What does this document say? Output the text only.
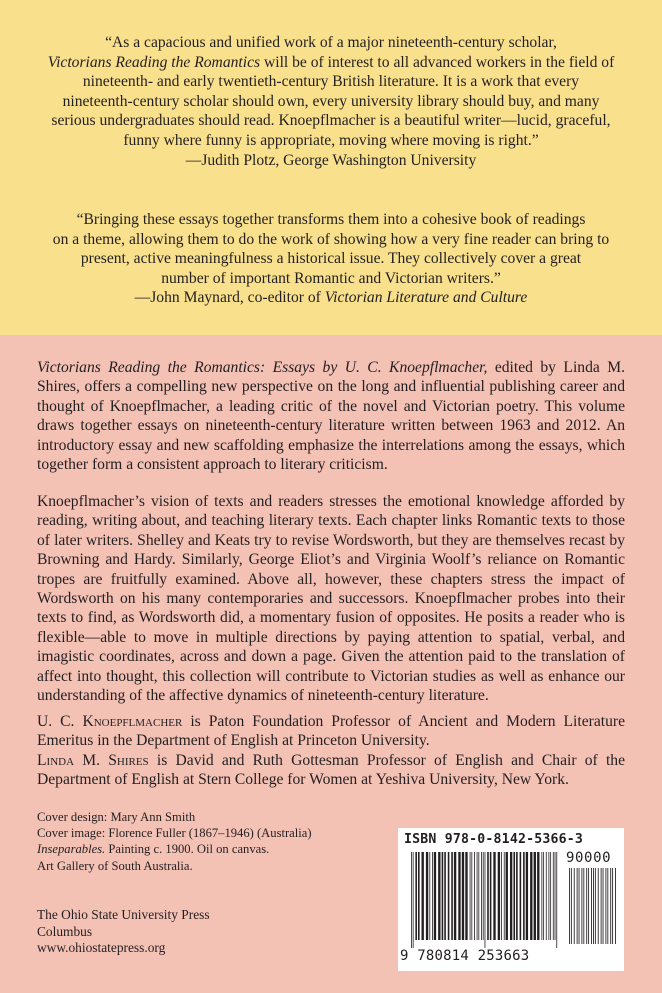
“As a capacious and unified work of a major nineteenth-century scholar,

Victorians Reading the Romantics will be of interest to all advanced workers in the field of

nineteenth- and early twentieth-century British literature. It is a work that every

nineteenth-century scholar should own, every university library should buy, and many

serious undergraduates should read. Knoepflmacher is a beautiful writer—lucid, graceful,

funny where funny is appropriate, moving where moving is right.”

—Judith Plotz, George Washington University

“Bringing these essays together transforms them into a cohesive book of readings

on a theme, allowing them to do the work of showing how a very fine reader can bring to

present, active meaningfulness a historical issue. They collectively cover a great

number of important Romantic and Victorian writers.”

—John Maynard, co-editor of Victorian Literature and Culture

Victorians Reading the Romantics: Essays by U. C. Knoepflmacher, edited by Linda M. Shires, offers a compelling new perspective on the long and influential publishing career and thought of Knoepflmacher, a leading critic of the novel and Victorian poetry. This volume draws together essays on nineteenth-century literature written between 1963 and 2012. An introductory essay and new scaffolding emphasize the interrelations among the essays, which together form a consistent approach to literary criticism.

Knoepflmacher’s vision of texts and readers stresses the emotional knowledge afforded by reading, writing about, and teaching literary texts. Each chapter links Romantic texts to those of later writers. Shelley and Keats try to revise Wordsworth, but they are themselves recast by Browning and Hardy. Similarly, George Eliot’s and Virginia Woolf’s reliance on Romantic tropes are fruitfully examined. Above all, however, these chapters stress the impact of Wordsworth on his many contemporaries and successors. Knoepflmacher probes into their texts to find, as Wordsworth did, a momentary fusion of opposites. He posits a reader who is flexible—able to move in multiple directions by paying attention to spatial, verbal, and imagistic coordinates, across and down a page. Given the attention paid to the translation of affect into thought, this collection will contribute to Victorian studies as well as enhance our understanding of the affective dynamics of nineteenth-century literature.

U. C. Knoepflmacher is Paton Foundation Professor of Ancient and Modern Literature Emeritus in the Department of English at Princeton University.

Linda M. Shires is David and Ruth Gottesman Professor of English and Chair of the Department of English at Stern College for Women at Yeshiva University, New York.

Cover design: Mary Ann Smith
Cover image: Florence Fuller (1867–1946) (Australia)
Inseparables. Painting c. 1900. Oil on canvas.
Art Gallery of South Australia.
The Ohio State University Press
Columbus
www.ohiostatepress.org
ISBN 978-0-8142-5366-3
9 780814 253663
90000
